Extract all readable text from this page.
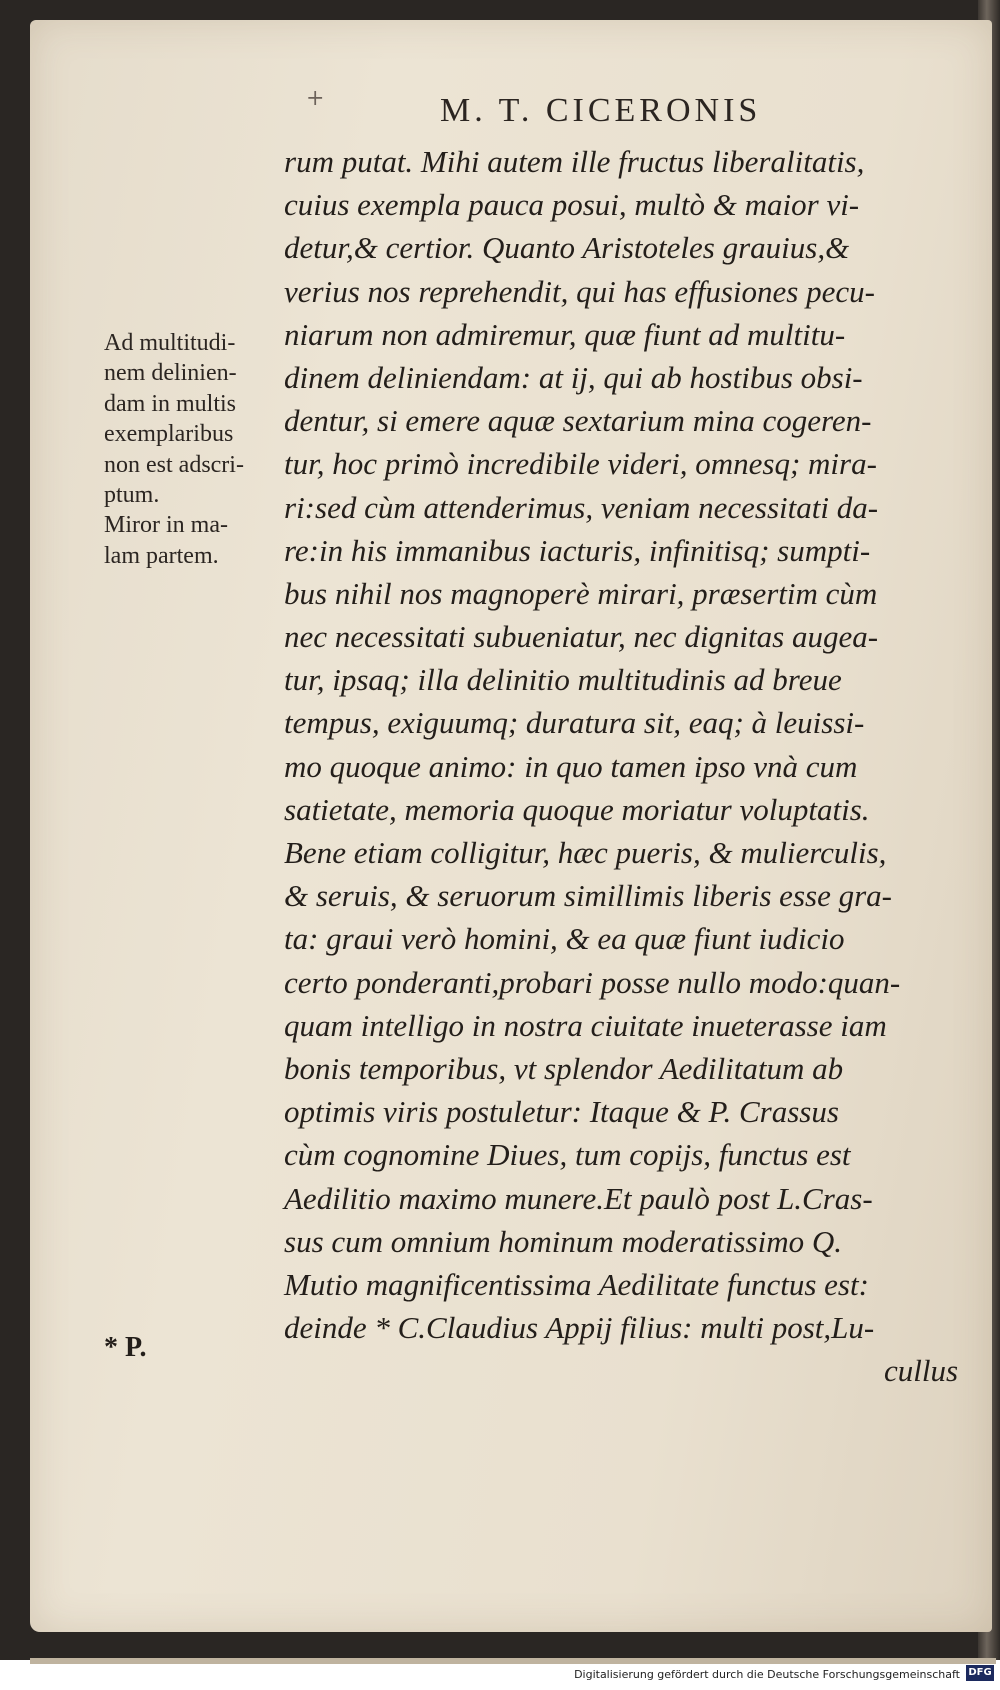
+	M. T. CICERONIS
Ad multitudi-
nem delinien-
dam in multis
exemplaribus
non est adscri-
ptum.
Miror in ma-
lam partem.
* P.
rum putat. Mihi autem ille fructus liberalitatis,
cuius exempla pauca posui, multò & maior vi-
detur,& certior. Quanto Aristoteles grauius,&
verius nos reprehendit, qui has effusiones pecu-
niarum non admiremur, quæ fiunt ad multitu-
dinem deliniendam: at ij, qui ab hostibus obsi-
dentur, si emere aquæ sextarium mina cogeren-
tur, hoc primò incredibile videri, omnesq; mira-
ri:sed cùm attenderimus, veniam necessitati da-
re:in his immanibus iacturis, infinitisq; sumpti-
bus nihil nos magnoperè mirari, præsertim cùm
nec necessitati subueniatur, nec dignitas augea-
tur, ipsaq; illa delinitio multitudinis ad breue
tempus, exiguumq; duratura sit, eaq; à leuissi-
mo quoque animo: in quo tamen ipso vnà cum
satietate, memoria quoque moriatur voluptatis.
Bene etiam colligitur, hæc pueris, & mulierculis,
& seruis, & seruorum simillimis liberis esse gra-
ta: graui verò homini, & ea quæ fiunt iudicio
certo ponderanti,probari posse nullo modo:quan-
quam intelligo in nostra ciuitate inueterasse iam
bonis temporibus, vt splendor Aedilitatum ab
optimis viris postuletur: Itaque & P. Crassus
cùm cognomine Diues, tum copijs, functus est
Aedilitio maximo munere.Et paulò post L.Cras-
sus cum omnium hominum moderatissimo Q.
Mutio magnificentissima Aedilitate functus est:
deinde * C.Claudius Appij filius: multi post,Lu-
cullus
Digitalisierung gefördert durch die Deutsche Forschungsgemeinschaft DFG
